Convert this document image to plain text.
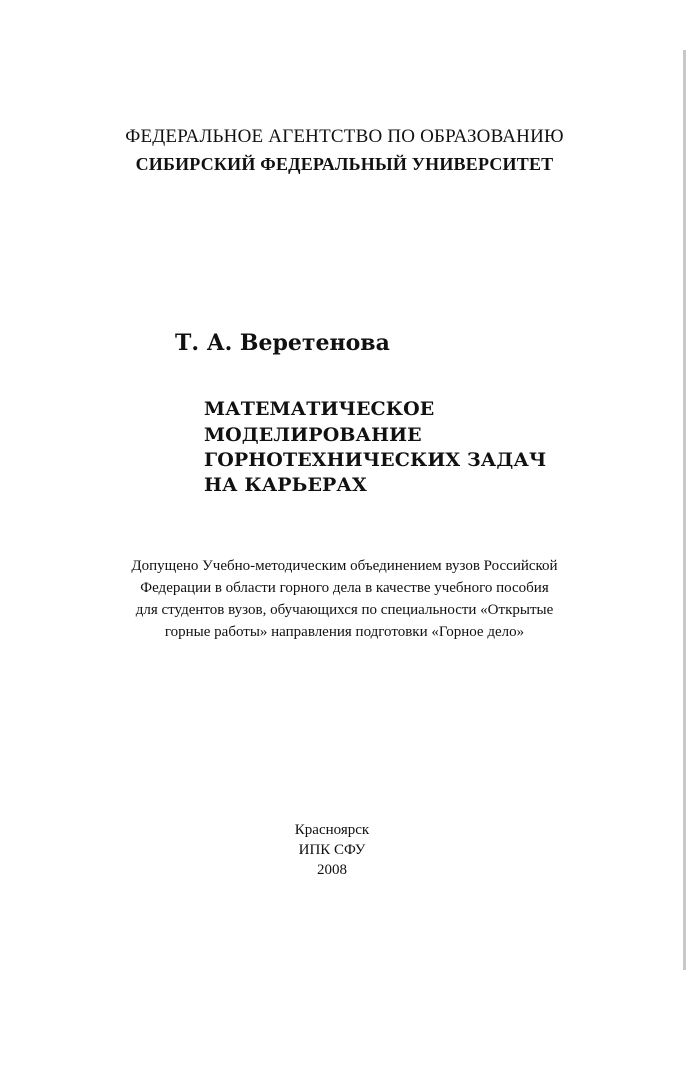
ФЕДЕРАЛЬНОЕ АГЕНТСТВО ПО ОБРАЗОВАНИЮ
СИБИРСКИЙ ФЕДЕРАЛЬНЫЙ УНИВЕРСИТЕТ
Т. А. Веретенова
МАТЕМАТИЧЕСКОЕ
МОДЕЛИРОВАНИЕ
ГОРНОТЕХНИЧЕСКИХ ЗАДАЧ
НА КАРЬЕРАХ
Допущено Учебно-методическим объединением вузов Российской
Федерации в области горного дела в качестве учебного пособия
для студентов вузов, обучающихся по специальности «Открытые
горные работы» направления подготовки «Горное дело»
Красноярск
ИПК СФУ
2008
